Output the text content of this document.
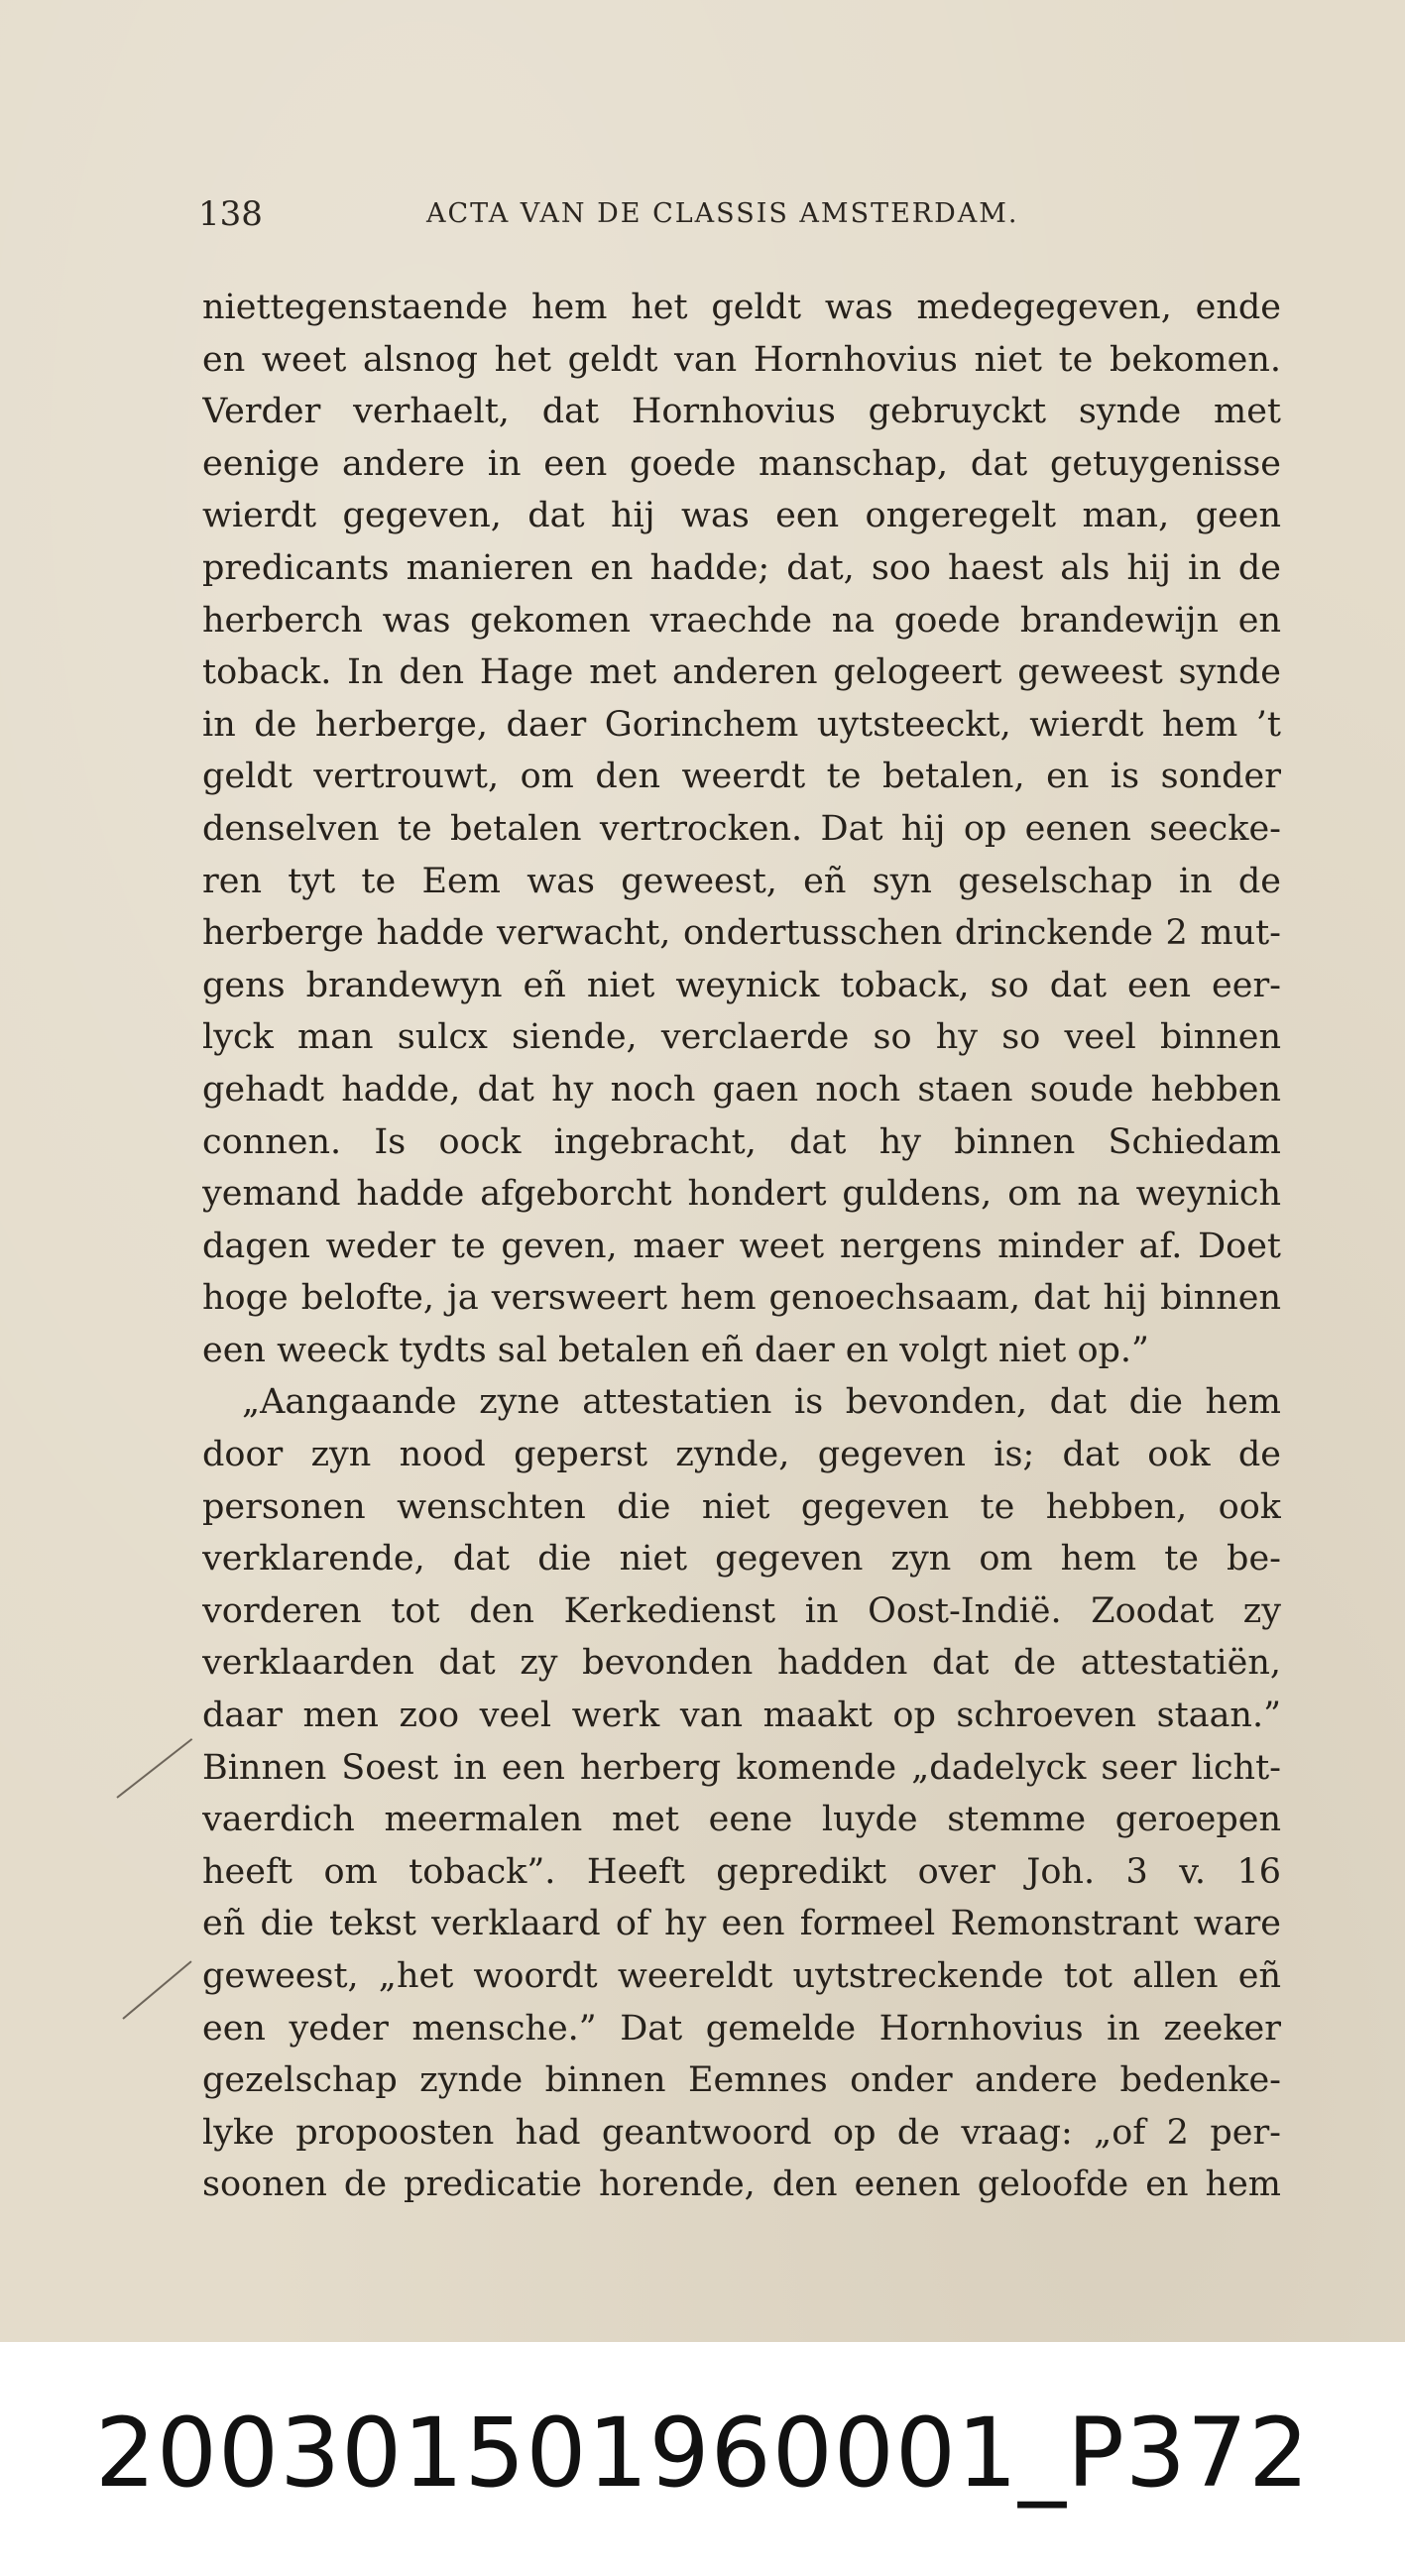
138	ACTA VAN DE CLASSIS AMSTERDAM.
niettegenstaende hem het geldt was medegegeven, ende
en weet alsnog het geldt van Hornhovius niet te bekomen.
Verder verhaelt, dat Hornhovius gebruyckt synde met
eenige andere in een goede manschap, dat getuygenisse
wierdt gegeven, dat hij was een ongeregelt man, geen
predicants manieren en hadde; dat, soo haest als hij in de
herberch was gekomen vraechde na goede brandewijn en
toback. In den Hage met anderen gelogeert geweest synde
in de herberge, daer Gorinchem uytsteeckt, wierdt hem ’t
geldt vertrouwt, om den weerdt te betalen, en is sonder
denselven te betalen vertrocken. Dat hij op eenen seecke-
ren tyt te Eem was geweest, eñ syn geselschap in de
herberge hadde verwacht, ondertusschen drinckende 2 mut-
gens brandewyn eñ niet weynick toback, so dat een eer-
lyck man sulcx siende, verclaerde so hy so veel binnen
gehadt hadde, dat hy noch gaen noch staen soude hebben
connen. Is oock ingebracht, dat hy binnen Schiedam
yemand hadde afgeborcht hondert guldens, om na weynich
dagen weder te geven, maer weet nergens minder af. Doet
hoge belofte, ja versweert hem genoechsaam, dat hij binnen
een weeck tydts sal betalen eñ daer en volgt niet op.”
„Aangaande zyne attestatien is bevonden, dat die hem
door zyn nood geperst zynde, gegeven is; dat ook de
personen wenschten die niet gegeven te hebben, ook
verklarende, dat die niet gegeven zyn om hem te be-
vorderen tot den Kerkedienst in Oost-Indië. Zoodat zy
verklaarden dat zy bevonden hadden dat de attestatiën,
daar men zoo veel werk van maakt op schroeven staan.”
Binnen Soest in een herberg komende „dadelyck seer licht-
vaerdich meermalen met eene luyde stemme geroepen
heeft om toback”. Heeft gepredikt over Joh. 3 v. 16
eñ die tekst verklaard of hy een formeel Remonstrant ware
geweest, „het woordt weereldt uytstreckende tot allen eñ
een yeder mensche.” Dat gemelde Hornhovius in zeeker
gezelschap zynde binnen Eemnes onder andere bedenke-
lyke propoosten had geantwoord op de vraag: „of 2 per-
soonen de predicatie horende, den eenen geloofde en hem
20030150196000​1_P372
